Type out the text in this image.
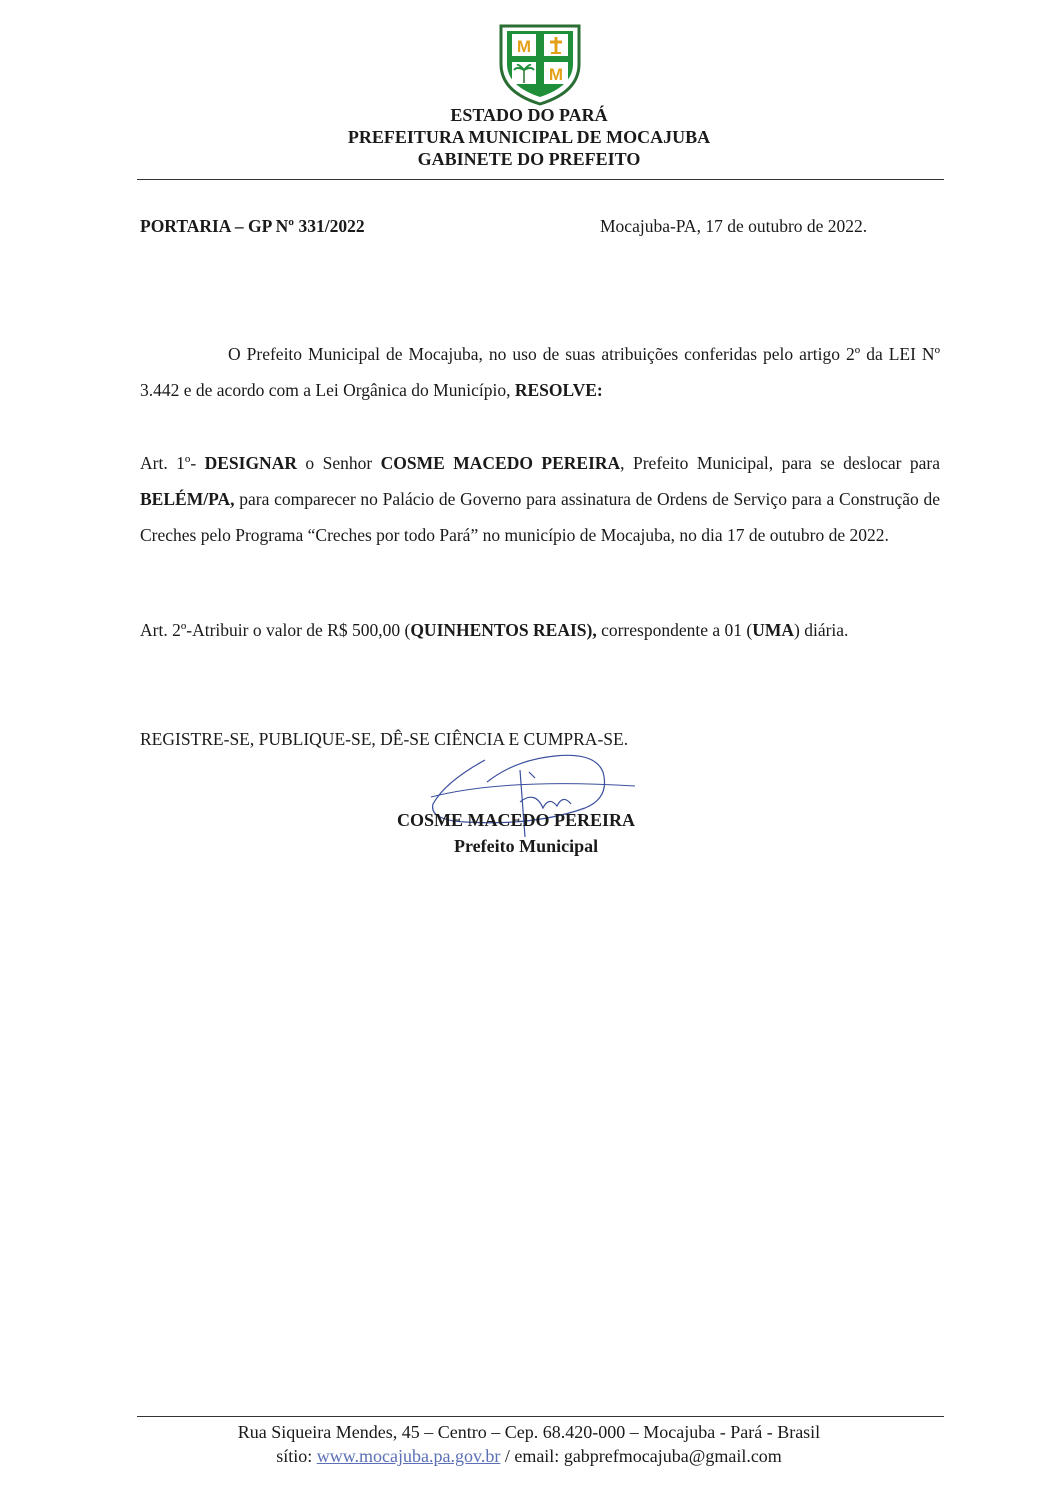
M
M
ESTADO DO PARÁ
PREFEITURA MUNICIPAL DE MOCAJUBA
GABINETE DO PREFEITO
PORTARIA – GP Nº 331/2022	Mocajuba-PA, 17 de outubro de 2022.
O Prefeito Municipal de Mocajuba, no uso de suas atribuições conferidas pelo artigo 2º da LEI Nº 3.442 e de acordo com a Lei Orgânica do Município, RESOLVE:
Art. 1º- DESIGNAR o Senhor COSME MACEDO PEREIRA, Prefeito Municipal, para se deslocar para BELÉM/PA, para comparecer no Palácio de Governo para assinatura de Ordens de Serviço para a Construção de Creches pelo Programa “Creches por todo Pará” no município de Mocajuba, no dia 17 de outubro de 2022.
Art. 2º-Atribuir o valor de R$ 500,00 (QUINHENTOS REAIS), correspondente a 01 (UMA) diária.
REGISTRE-SE, PUBLIQUE-SE, DÊ-SE CIÊNCIA E CUMPRA-SE.
COSME MACEDO PEREIRA
Prefeito Municipal
Rua Siqueira Mendes, 45 – Centro – Cep. 68.420-000 – Mocajuba - Pará - Brasil
sítio: www.mocajuba.pa.gov.br / email: gabprefmocajuba@gmail.com
